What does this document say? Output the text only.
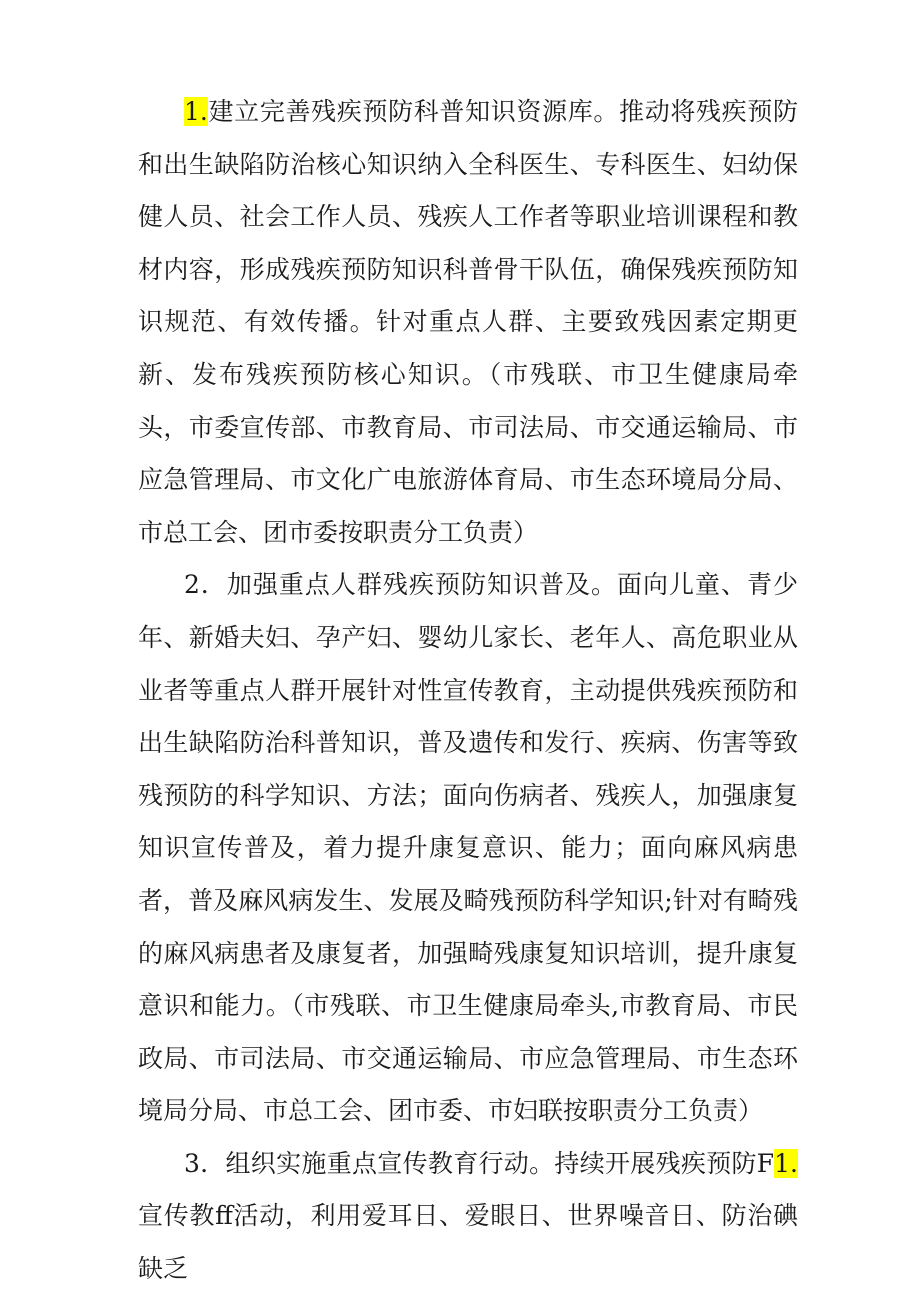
1.建立完善残疾预防科普知识资源库。推动将残疾预防和出生缺陷防治核心知识纳入全科医生、专科医生、妇幼保健人员、社会工作人员、残疾人工作者等职业培训课程和教材内容，形成残疾预防知识科普骨干队伍，确保残疾预防知识规范、有效传播。针对重点人群、主要致残因素定期更新、发布残疾预防核心知识。（市残联、市卫生健康局牵头，市委宣传部、市教育局、市司法局、市交通运输局、市应急管理局、市文化广电旅游体育局、市生态环境局分局、市总工会、团市委按职责分工负责）

2．加强重点人群残疾预防知识普及。面向儿童、青少年、新婚夫妇、孕产妇、婴幼儿家长、老年人、高危职业从业者等重点人群开展针对性宣传教育，主动提供残疾预防和出生缺陷防治科普知识，普及遗传和发行、疾病、伤害等致残预防的科学知识、方法；面向伤病者、残疾人，加强康复知识宣传普及，着力提升康复意识、能力；面向麻风病患者，普及麻风病发生、发展及畸残预防科学知识;针对有畸残的麻风病患者及康复者，加强畸残康复知识培训，提升康复意识和能力。（市残联、市卫生健康局牵头,市教育局、市民政局、市司法局、市交通运输局、市应急管理局、市生态环境局分局、市总工会、团市委、市妇联按职责分工负责）

3．组织实施重点宣传教育行动。持续开展残疾预防F1.宣传教ff活动，利用爱耳日、爱眼日、世界噪音日、防治碘缺乏
